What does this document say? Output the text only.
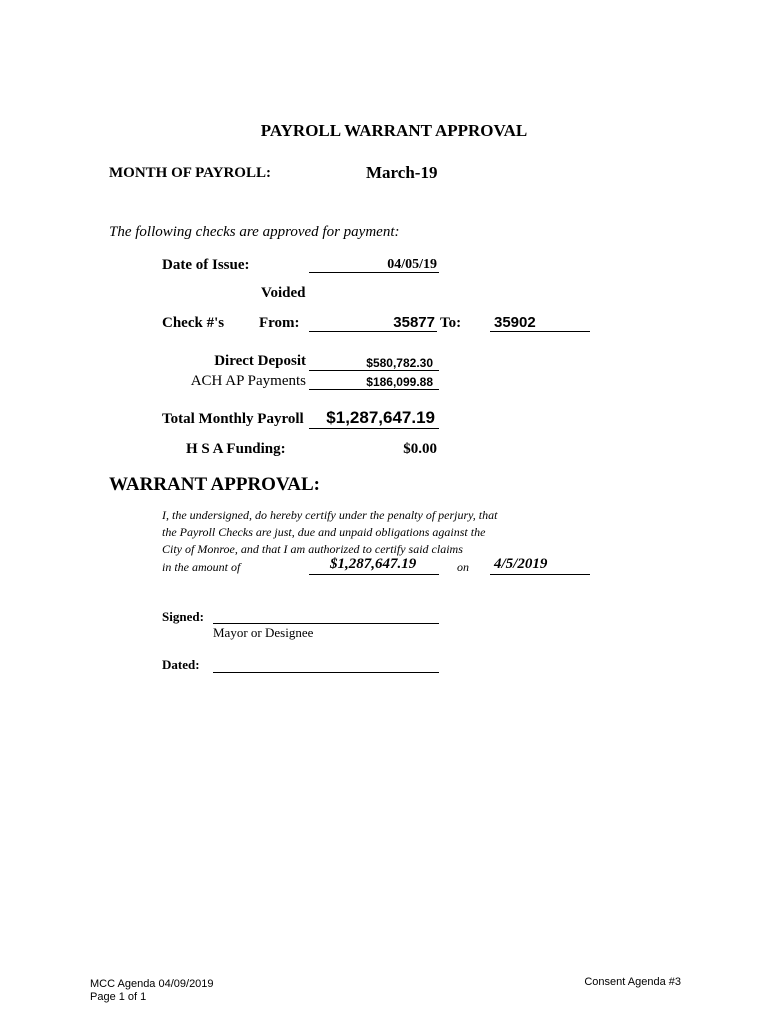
PAYROLL WARRANT APPROVAL
MONTH OF PAYROLL:	March-19
The following checks are approved for payment:
Date of Issue:	04/05/19
Voided
Check #'s From:	35877 To: 35902
Direct Deposit	$580,782.30
ACH AP Payments	$186,099.88
Total Monthly Payroll	$1,287,647.19
H S A Funding:	$0.00
WARRANT APPROVAL:
I, the undersigned, do hereby certify under the penalty of perjury, that
the Payroll Checks are just, due and unpaid obligations against the
City of Monroe, and that I am authorized to certify said claims
in the amount of	$1,287,647.19	on 4/5/2019
Signed:
Mayor or Designee
Dated:
MCC Agenda 04/09/2019
Page 1 of 1
Consent Agenda #3
